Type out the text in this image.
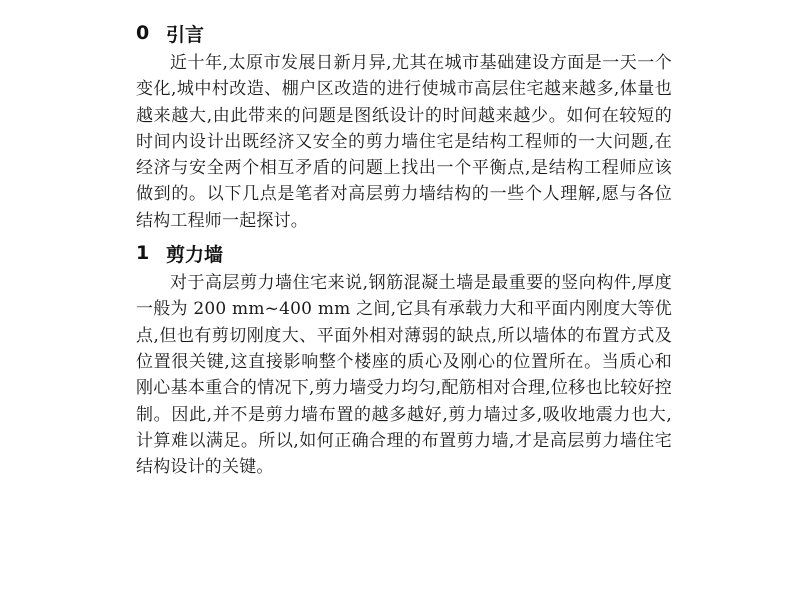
0 引言

近十年,太原市发展日新月异,尤其在城市基础建设方面是一天一个变化,城中村改造、棚户区改造的进行使城市高层住宅越来越多,体量也越来越大,由此带来的问题是图纸设计的时间越来越少。如何在较短的时间内设计出既经济又安全的剪力墙住宅是结构工程师的一大问题,在经济与安全两个相互矛盾的问题上找出一个平衡点,是结构工程师应该做到的。以下几点是笔者对高层剪力墙结构的一些个人理解,愿与各位结构工程师一起探讨。

1 剪力墙

对于高层剪力墙住宅来说,钢筋混凝土墙是最重要的竖向构件,厚度一般为 200 mm~400 mm 之间,它具有承载力大和平面内刚度大等优点,但也有剪切刚度大、平面外相对薄弱的缺点,所以墙体的布置方式及位置很关键,这直接影响整个楼座的质心及刚心的位置所在。当质心和刚心基本重合的情况下,剪力墙受力均匀,配筋相对合理,位移也比较好控制。因此,并不是剪力墙布置的越多越好,剪力墙过多,吸收地震力也大,计算难以满足。所以,如何正确合理的布置剪力墙,才是高层剪力墙住宅结构设计的关键。
